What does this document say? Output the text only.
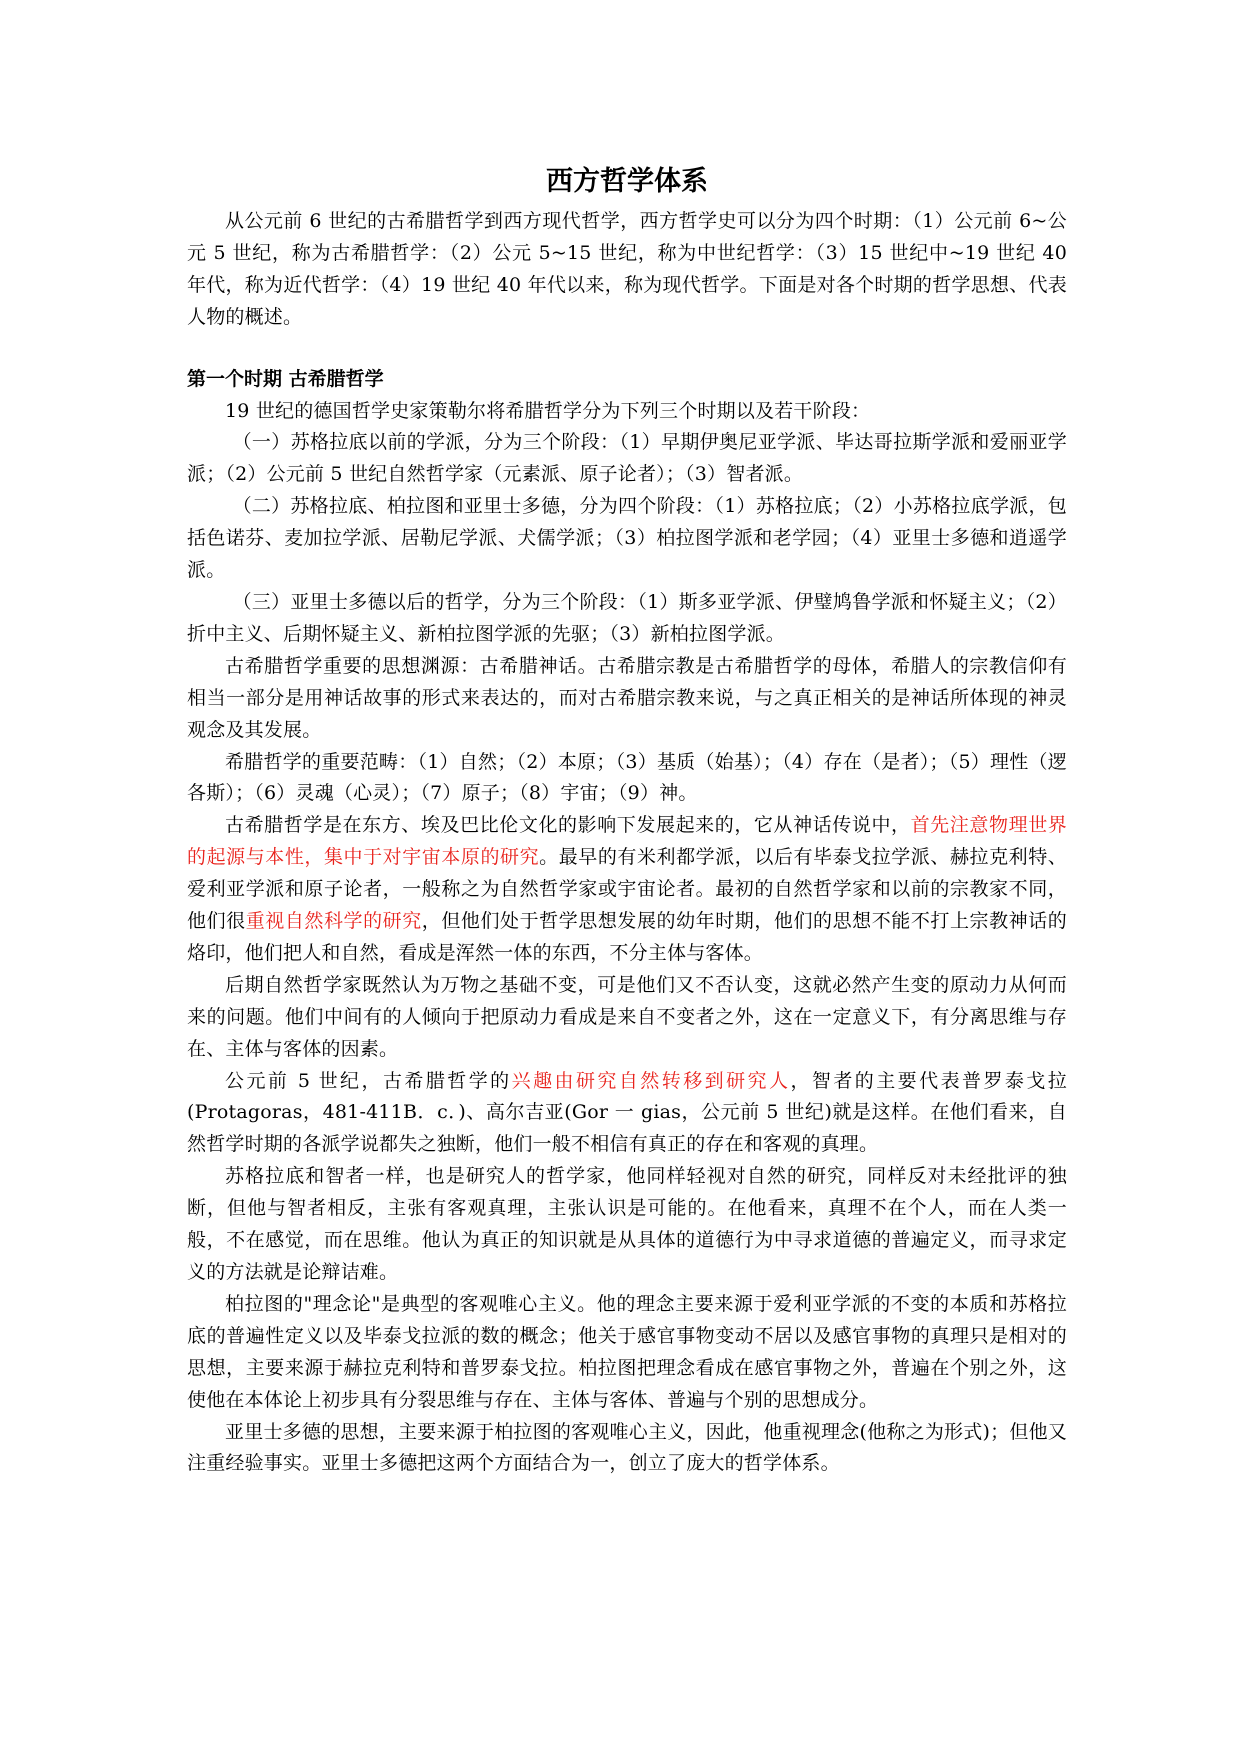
西方哲学体系

从公元前 6 世纪的古希腊哲学到西方现代哲学，西方哲学史可以分为四个时期：（1）公元前 6~公元 5 世纪，称为古希腊哲学：（2）公元 5~15 世纪，称为中世纪哲学：（3）15 世纪中~19 世纪 40 年代，称为近代哲学：（4）19 世纪 40 年代以来，称为现代哲学。下面是对各个时期的哲学思想、代表人物的概述。

第一个时期 古希腊哲学

19 世纪的德国哲学史家策勒尔将希腊哲学分为下列三个时期以及若干阶段：

（一）苏格拉底以前的学派，分为三个阶段：（1）早期伊奥尼亚学派、毕达哥拉斯学派和爱丽亚学派；（2）公元前 5 世纪自然哲学家（元素派、原子论者）；（3）智者派。

（二）苏格拉底、柏拉图和亚里士多德，分为四个阶段：（1）苏格拉底；（2）小苏格拉底学派，包括色诺芬、麦加拉学派、居勒尼学派、犬儒学派；（3）柏拉图学派和老学园；（4）亚里士多德和逍遥学派。

（三）亚里士多德以后的哲学，分为三个阶段：（1）斯多亚学派、伊璧鸠鲁学派和怀疑主义；（2）折中主义、后期怀疑主义、新柏拉图学派的先驱；（3）新柏拉图学派。

古希腊哲学重要的思想渊源：古希腊神话。古希腊宗教是古希腊哲学的母体，希腊人的宗教信仰有相当一部分是用神话故事的形式来表达的，而对古希腊宗教来说，与之真正相关的是神话所体现的神灵观念及其发展。

希腊哲学的重要范畴：（1）自然；（2）本原；（3）基质（始基）；（4）存在（是者）；（5）理性（逻各斯）；（6）灵魂（心灵）；（7）原子；（8）宇宙；（9）神。

古希腊哲学是在东方、埃及巴比伦文化的影响下发展起来的，它从神话传说中，首先注意物理世界的起源与本性，集中于对宇宙本原的研究。最早的有米利都学派，以后有毕泰戈拉学派、赫拉克利特、爱利亚学派和原子论者，一般称之为自然哲学家或宇宙论者。最初的自然哲学家和以前的宗教家不同，他们很重视自然科学的研究，但他们处于哲学思想发展的幼年时期，他们的思想不能不打上宗教神话的烙印，他们把人和自然，看成是浑然一体的东西，不分主体与客体。

后期自然哲学家既然认为万物之基础不变，可是他们又不否认变，这就必然产生变的原动力从何而来的问题。他们中间有的人倾向于把原动力看成是来自不变者之外，这在一定意义下，有分离思维与存在、主体与客体的因素。

公元前 5 世纪，古希腊哲学的兴趣由研究自然转移到研究人，智者的主要代表普罗泰戈拉(Protagoras，481-411B．c．)、高尔吉亚(Gor 一 gias，公元前 5 世纪)就是这样。在他们看来，自然哲学时期的各派学说都失之独断，他们一般不相信有真正的存在和客观的真理。

苏格拉底和智者一样，也是研究人的哲学家，他同样轻视对自然的研究，同样反对未经批评的独断，但他与智者相反，主张有客观真理，主张认识是可能的。在他看来，真理不在个人，而在人类一般，不在感觉，而在思维。他认为真正的知识就是从具体的道德行为中寻求道德的普遍定义，而寻求定义的方法就是论辩诘难。

柏拉图的"理念论"是典型的客观唯心主义。他的理念主要来源于爱利亚学派的不变的本质和苏格拉底的普遍性定义以及毕泰戈拉派的数的概念；他关于感官事物变动不居以及感官事物的真理只是相对的思想，主要来源于赫拉克利特和普罗泰戈拉。柏拉图把理念看成在感官事物之外，普遍在个别之外，这使他在本体论上初步具有分裂思维与存在、主体与客体、普遍与个别的思想成分。

亚里士多德的思想，主要来源于柏拉图的客观唯心主义，因此，他重视理念(他称之为形式)；但他又注重经验事实。亚里士多德把这两个方面结合为一，创立了庞大的哲学体系。
